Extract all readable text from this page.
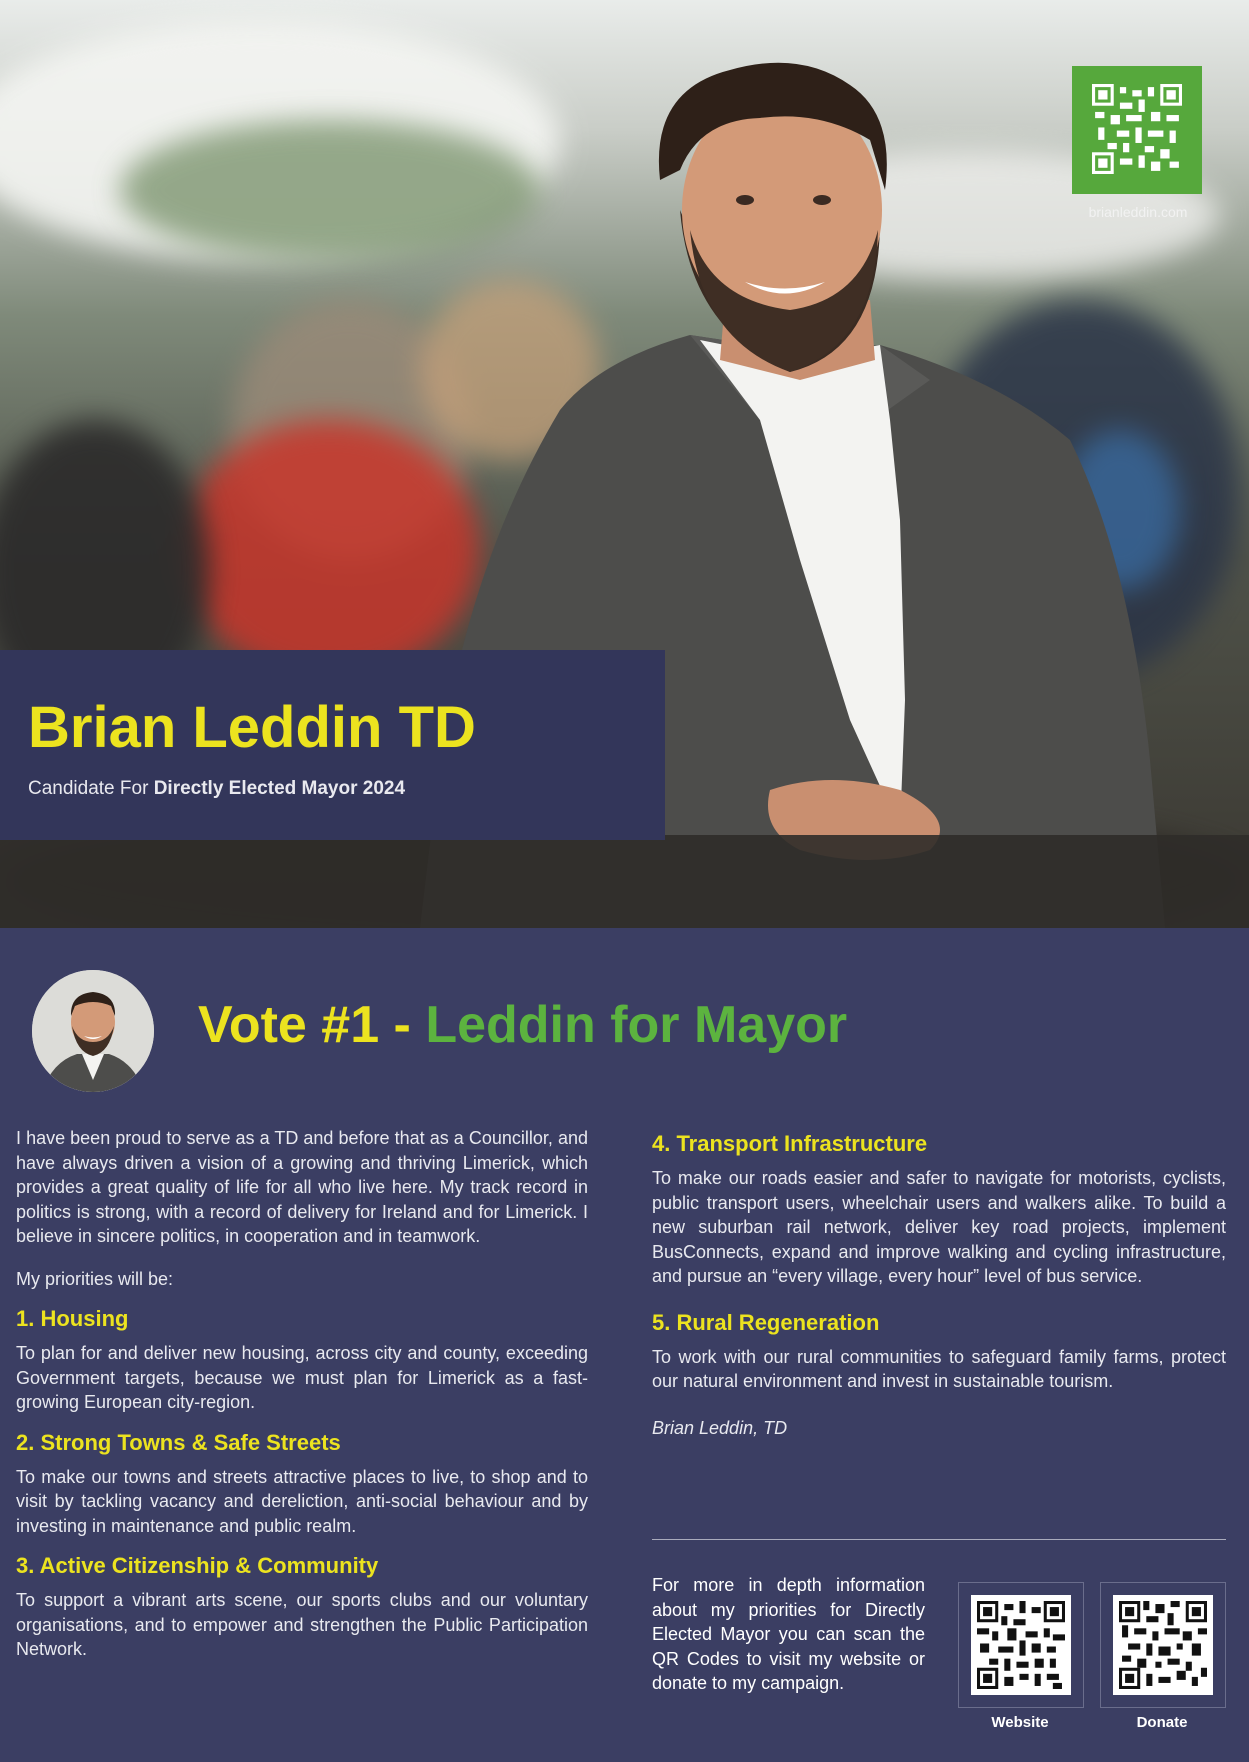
brianleddin.com
Brian Leddin TD
Candidate For Directly Elected Mayor 2024
Vote #1 - Leddin for Mayor

I have been proud to serve as a TD and before that as a Councillor, and have always driven a vision of a growing and thriving Limerick, which provides a great quality of life for all who live here. My track record in politics is strong, with a record of delivery for Ireland and for Limerick. I believe in sincere politics, in cooperation and in teamwork.

My priorities will be:

1. Housing

To plan for and deliver new housing, across city and county, exceeding Government targets, because we must plan for Limerick as a fast-growing European city-region.

2. Strong Towns & Safe Streets

To make our towns and streets attractive places to live, to shop and to visit by tackling vacancy and dereliction, anti-social behaviour and by investing in maintenance and public realm.

3. Active Citizenship & Community

To support a vibrant arts scene, our sports clubs and our voluntary organisations, and to empower and strengthen the Public Participation Network.

4. Transport Infrastructure

To make our roads easier and safer to navigate for motorists, cyclists, public transport users, wheelchair users and walkers alike. To build a new suburban rail network, deliver key road projects, implement BusConnects, expand and improve walking and cycling infrastructure, and pursue an “every village, every hour” level of bus service.

5. Rural Regeneration

To work with our rural communities to safeguard family farms, protect our natural environment and invest in sustainable tourism.

Brian Leddin, TD

For more in depth information about my priorities for Directly Elected Mayor you can scan the QR Codes to visit my website or donate to my campaign.

Website	Donate
